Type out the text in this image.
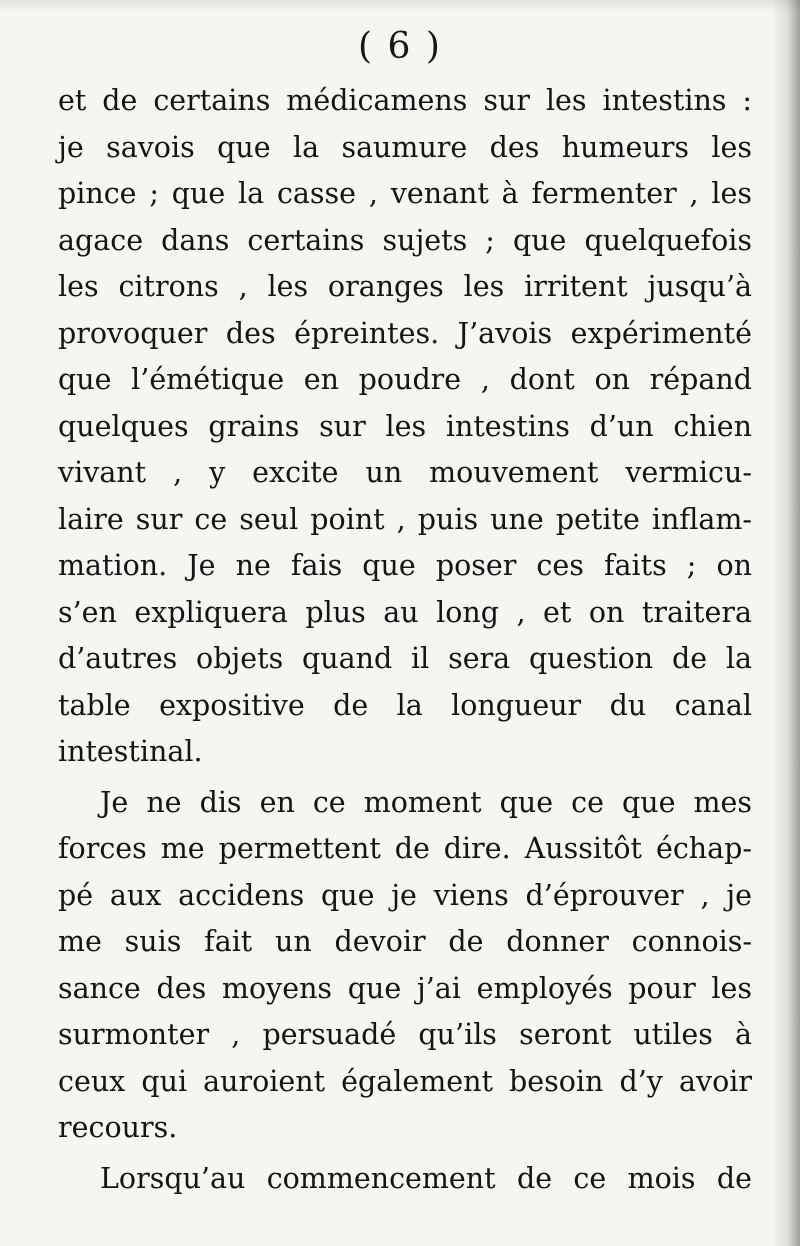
( 6 )
et de certains médicamens sur les intestins :
je savois que la saumure des humeurs les
pince ; que la casse , venant à fermenter , les
agace dans certains sujets ; que quelquefois
les citrons , les oranges les irritent jusqu’à
provoquer des épreintes. J’avois expérimenté
que l’émétique en poudre , dont on répand
quelques grains sur les intestins d’un chien
vivant , y excite un mouvement vermicu-
laire sur ce seul point , puis une petite inflam-
mation. Je ne fais que poser ces faits ; on
s’en expliquera plus au long , et on traitera
d’autres objets quand il sera question de la
table expositive de la longueur du canal
intestinal.
Je ne dis en ce moment que ce que mes
forces me permettent de dire. Aussitôt échap-
pé aux accidens que je viens d’éprouver , je
me suis fait un devoir de donner connois-
sance des moyens que j’ai employés pour les
surmonter , persuadé qu’ils seront utiles à
ceux qui auroient également besoin d’y avoir
recours.
Lorsqu’au commencement de ce mois de
